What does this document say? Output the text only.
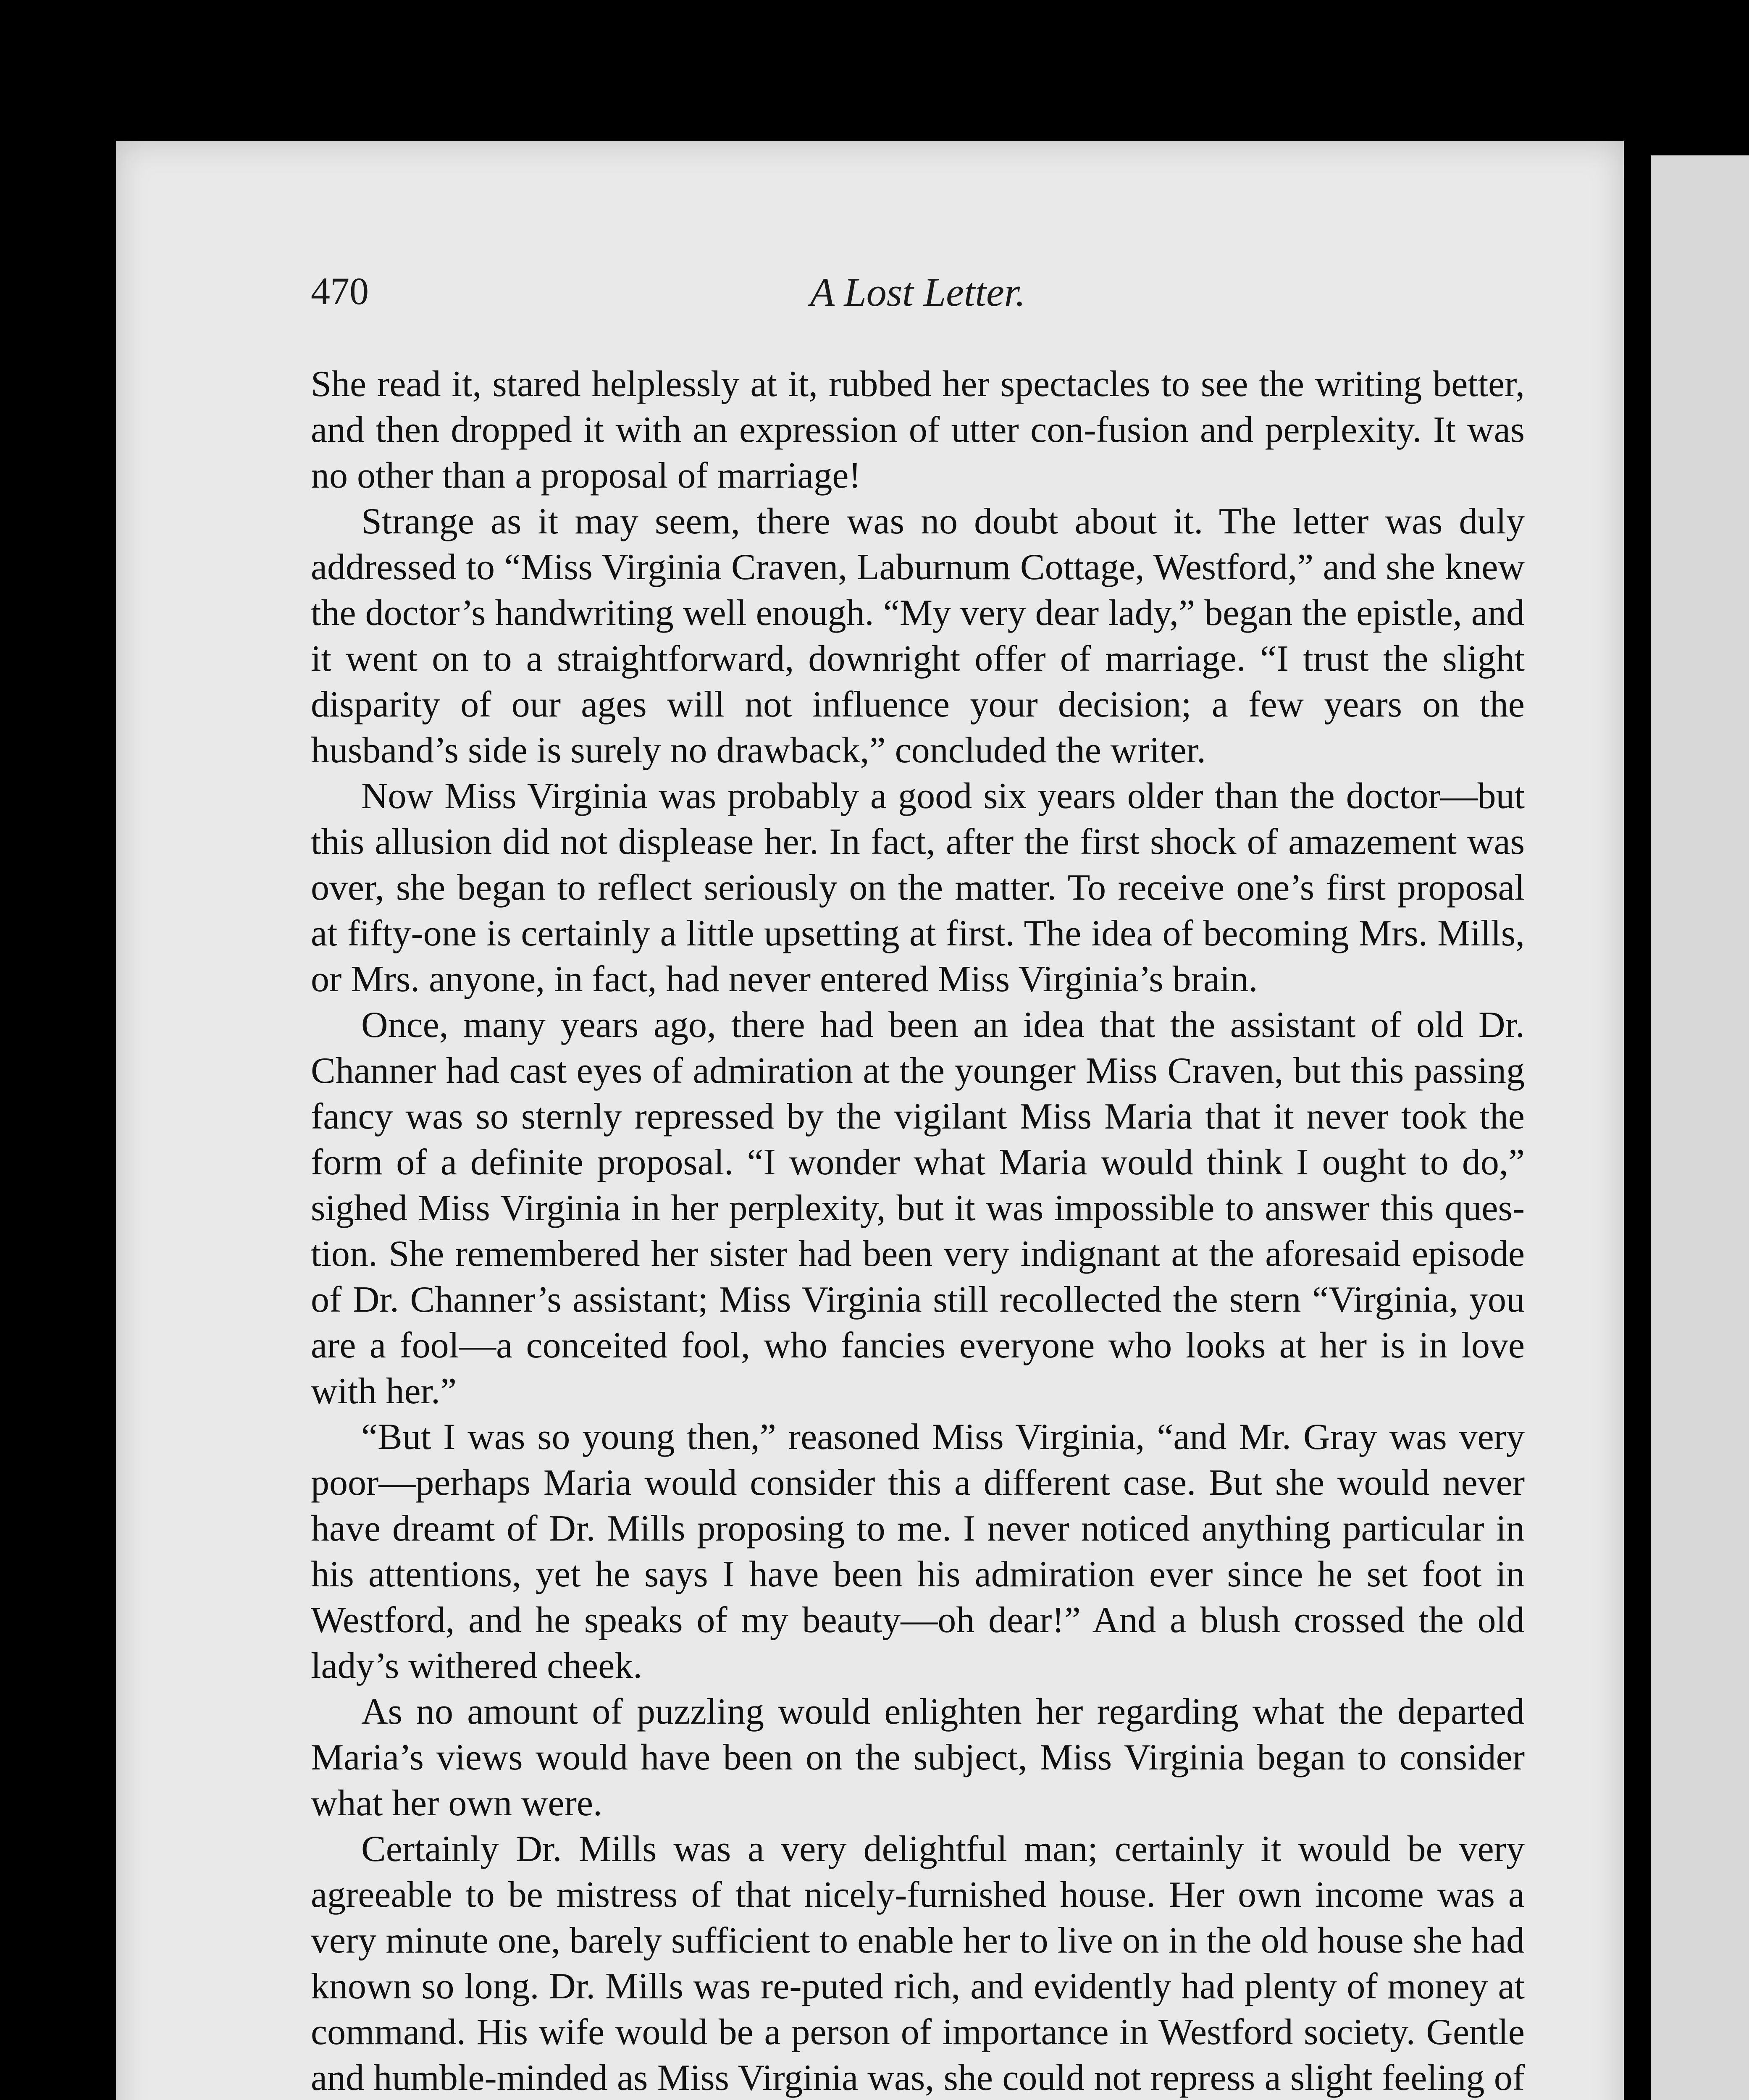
470	A Lost Letter.

She read it, stared helplessly at it, rubbed her spectacles to see the writing better, and then dropped it with an expression of utter con-fusion and perplexity. It was no other than a proposal of marriage!

Strange as it may seem, there was no doubt about it. The letter was duly addressed to “Miss Virginia Craven, Laburnum Cottage, Westford,” and she knew the doctor’s handwriting well enough. “My very dear lady,” began the epistle, and it went on to a straightforward, downright offer of marriage. “I trust the slight disparity of our ages will not influence your decision; a few years on the husband’s side is surely no drawback,” concluded the writer.

Now Miss Virginia was probably a good six years older than the doctor—but this allusion did not displease her. In fact, after the first shock of amazement was over, she began to reflect seriously on the matter. To receive one’s first proposal at fifty-one is certainly a little upsetting at first. The idea of becoming Mrs. Mills, or Mrs. anyone, in fact, had never entered Miss Virginia’s brain.

Once, many years ago, there had been an idea that the assistant of old Dr. Channer had cast eyes of admiration at the younger Miss Craven, but this passing fancy was so sternly repressed by the vigilant Miss Maria that it never took the form of a definite proposal. “I wonder what Maria would think I ought to do,” sighed Miss Virginia in her perplexity, but it was impossible to answer this ques-tion. She remembered her sister had been very indignant at the aforesaid episode of Dr. Channer’s assistant; Miss Virginia still recollected the stern “Virginia, you are a fool—a conceited fool, who fancies everyone who looks at her is in love with her.”

“But I was so young then,” reasoned Miss Virginia, “and Mr. Gray was very poor—perhaps Maria would consider this a different case. But she would never have dreamt of Dr. Mills proposing to me. I never noticed anything particular in his attentions, yet he says I have been his admiration ever since he set foot in Westford, and he speaks of my beauty—oh dear!” And a blush crossed the old lady’s withered cheek.

As no amount of puzzling would enlighten her regarding what the departed Maria’s views would have been on the subject, Miss Virginia began to consider what her own were.

Certainly Dr. Mills was a very delightful man; certainly it would be very agreeable to be mistress of that nicely-furnished house. Her own income was a very minute one, barely sufficient to enable her to live on in the old house she had known so long. Dr. Mills was re-puted rich, and evidently had plenty of money at command. His wife would be a person of importance in Westford society. Gentle and humble-minded as Miss Virginia was, she could not repress a slight feeling of
